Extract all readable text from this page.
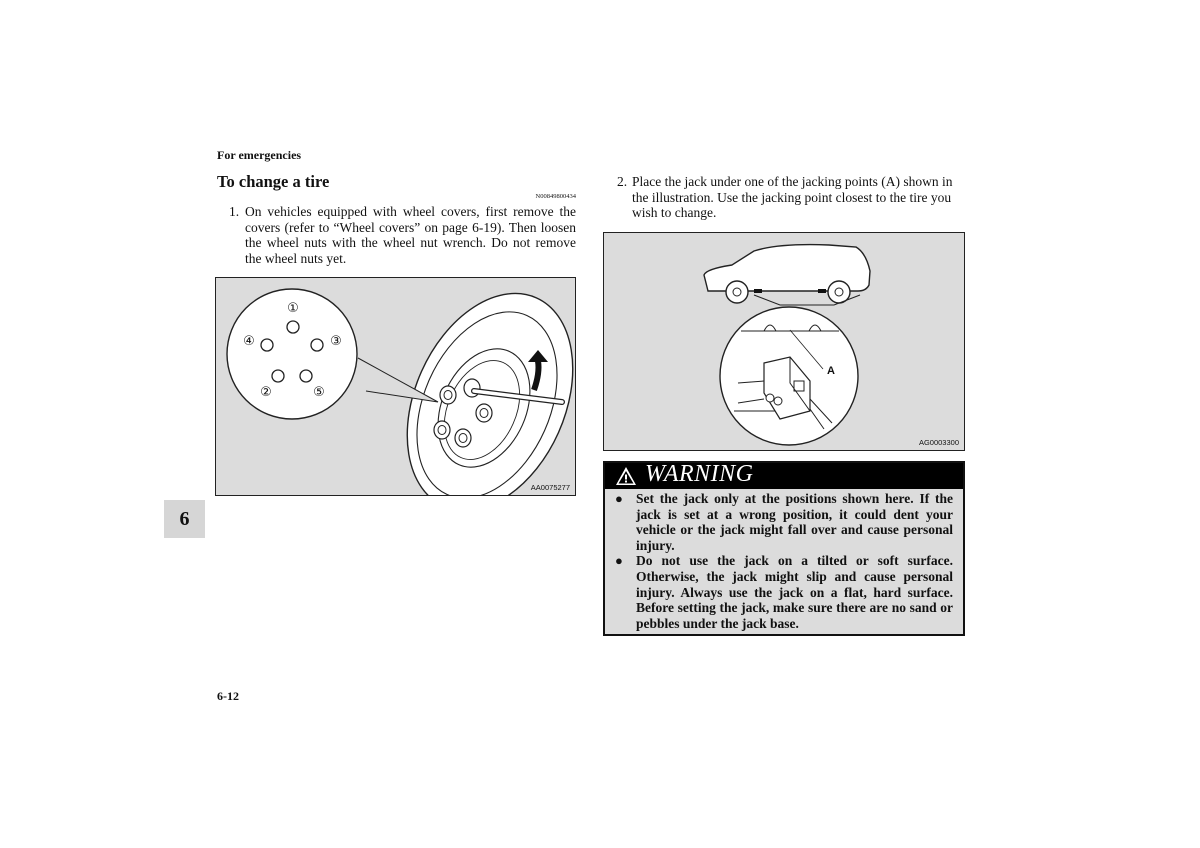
For emergencies
To change a tire
N00849800434
1. On vehicles equipped with wheel covers, first remove the covers (refer to “Wheel covers” on page 6-19). Then loosen the wheel nuts with the wheel nut wrench. Do not remove the wheel nuts yet.
①
④	③
②	⑤
AA0075277
2. Place the jack under one of the jacking points (A) shown in the illustration. Use the jacking point closest to the tire you wish to change.
A
AG0003300
WARNING
● Set the jack only at the positions shown here. If the jack is set at a wrong position, it could dent your vehicle or the jack might fall over and cause personal injury.
● Do not use the jack on a tilted or soft surface. Otherwise, the jack might slip and cause personal injury. Always use the jack on a flat, hard surface. Before setting the jack, make sure there are no sand or pebbles under the jack base.
6
6-12
